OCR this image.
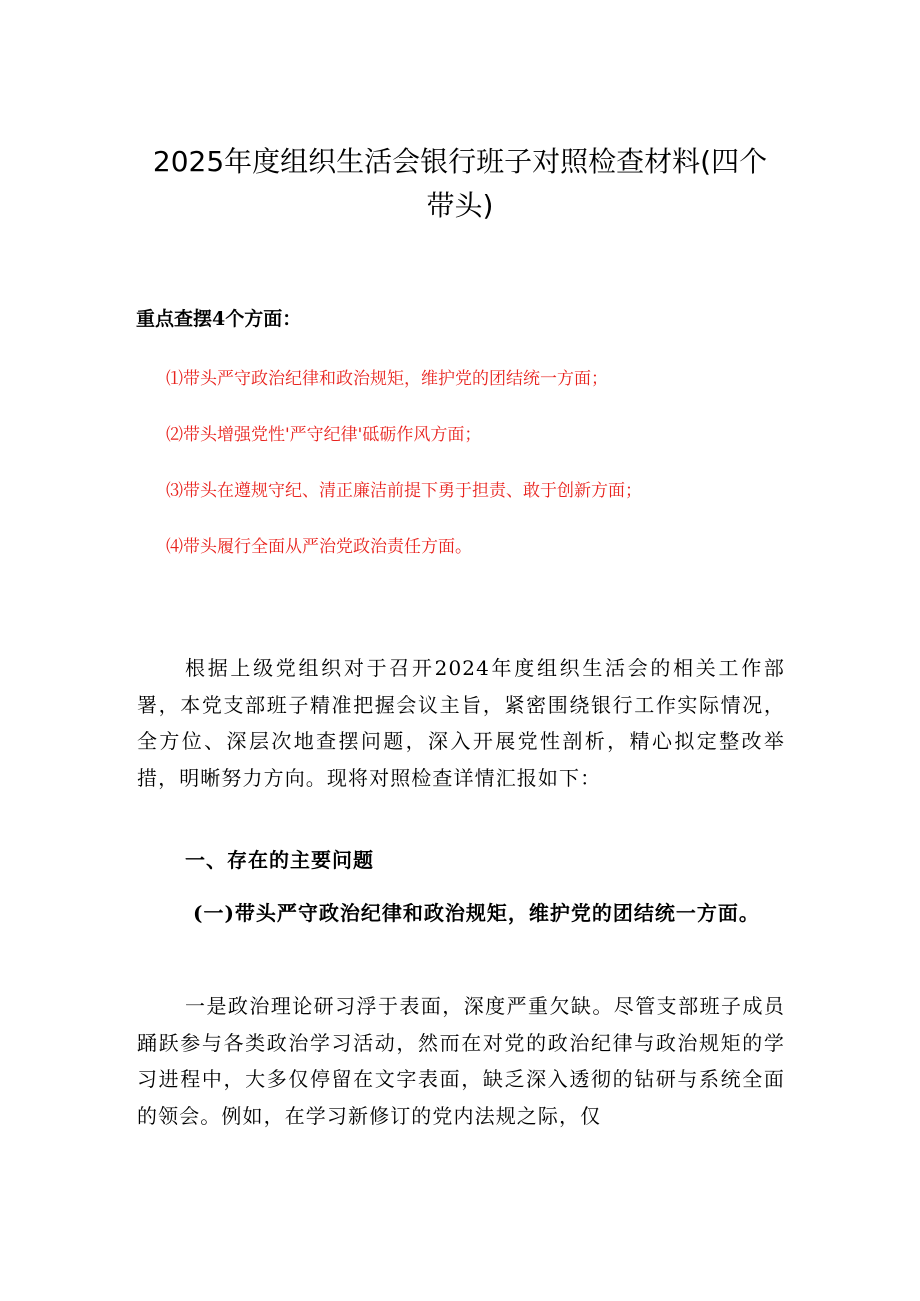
2025年度组织生活会银行班子对照检查材料(四个带头)

重点查摆4个方面：

⑴带头严守政治纪律和政治规矩，维护党的团结统一方面；
⑵带头增强党性'严守纪律'砥砺作风方面；
⑶带头在遵规守纪、清正廉洁前提下勇于担责、敢于创新方面；
⑷带头履行全面从严治党政治责任方面。

根据上级党组织对于召开2024年度组织生活会的相关工作部署，本党支部班子精准把握会议主旨，紧密围绕银行工作实际情况，全方位、深层次地查摆问题，深入开展党性剖析，精心拟定整改举措，明晰努力方向。现将对照检查详情汇报如下：

一、存在的主要问题

(一)带头严守政治纪律和政治规矩，维护党的团结统一方面。

一是政治理论研习浮于表面，深度严重欠缺。尽管支部班子成员踊跃参与各类政治学习活动，然而在对党的政治纪律与政治规矩的学习进程中，大多仅停留在文字表面，缺乏深入透彻的钻研与系统全面的领会。例如，在学习新修订的党内法规之际，仅
